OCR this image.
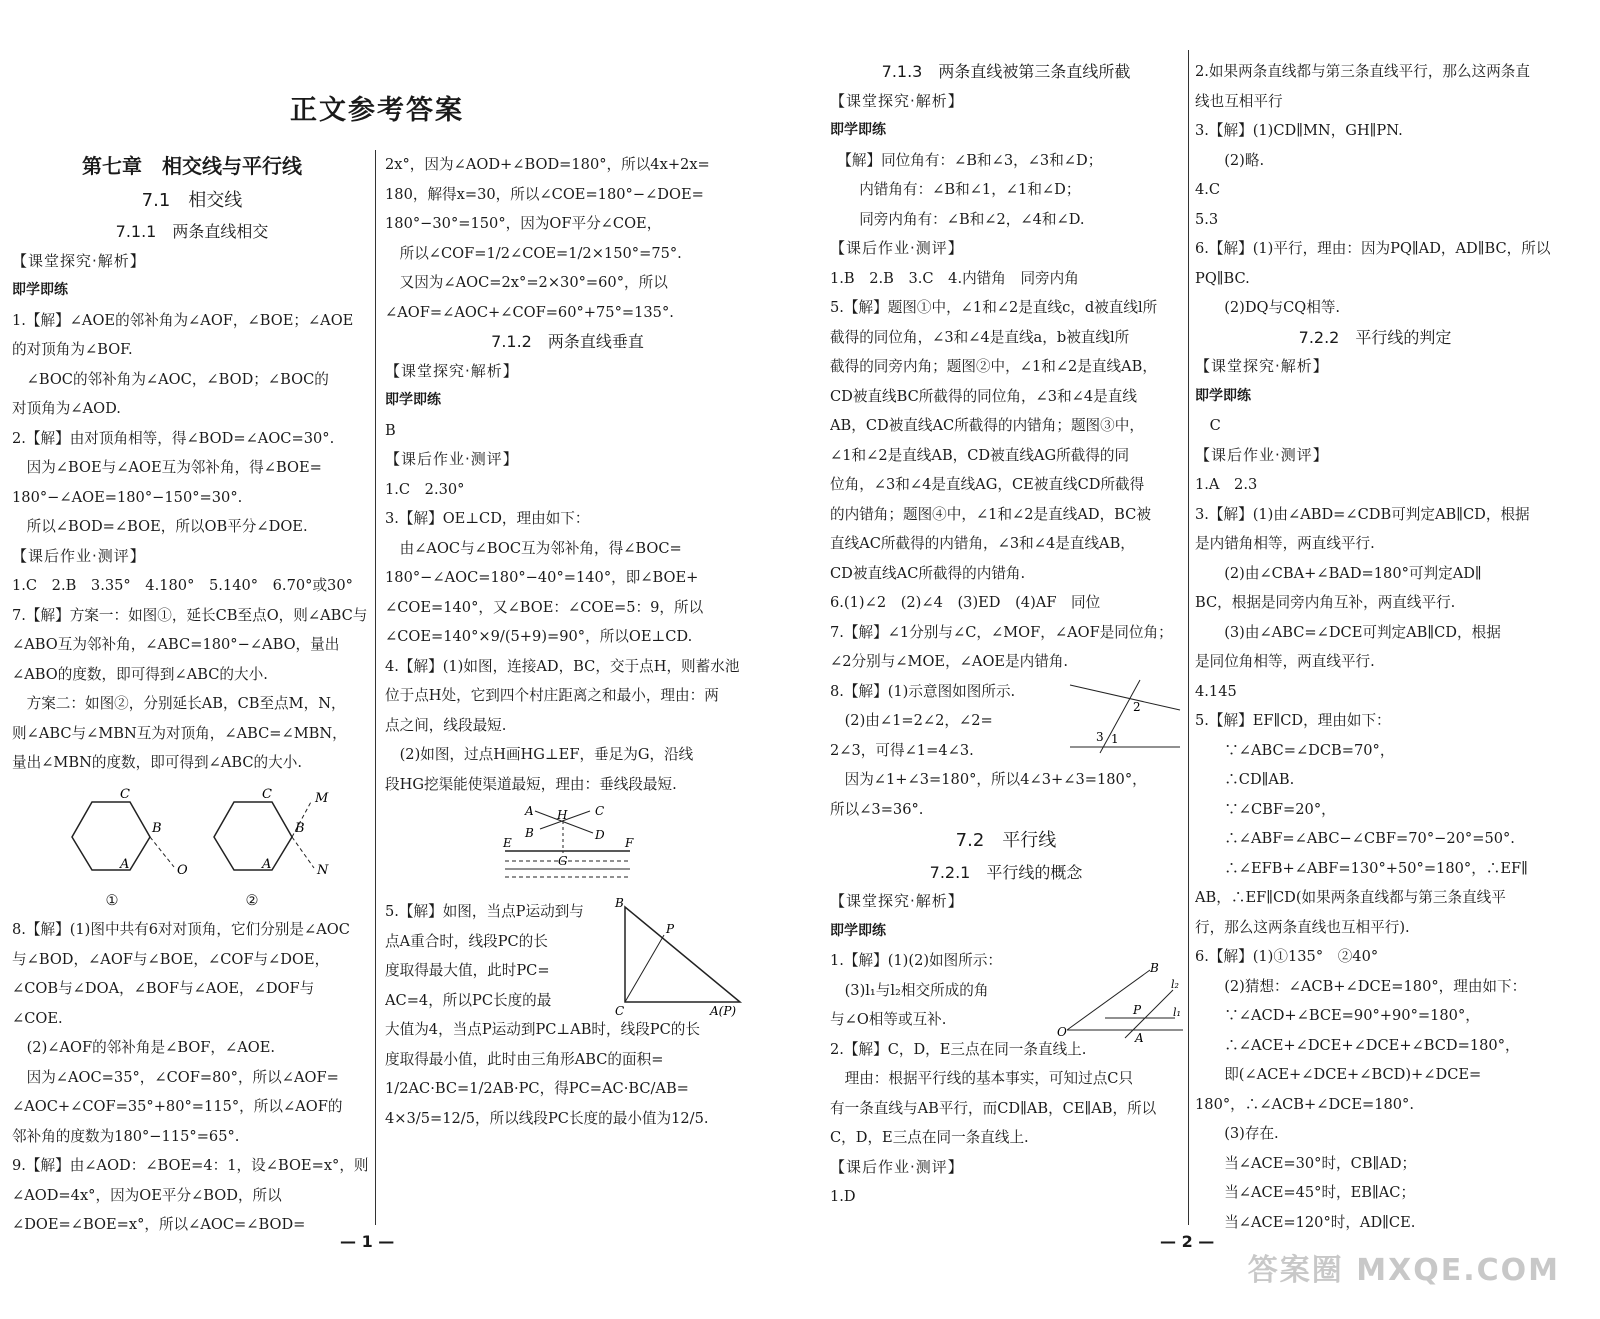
正文参考答案
第七章　相交线与平行线
7.1　相交线
7.1.1　两条直线相交
【课堂探究·解析】
即学即练
1.【解】∠AOE的邻补角为∠AOF，∠BOE；∠AOE
的对顶角为∠BOF.
　∠BOC的邻补角为∠AOC，∠BOD；∠BOC的
对顶角为∠AOD.
2.【解】由对顶角相等，得∠BOD=∠AOC=30°.
　因为∠BOE与∠AOE互为邻补角，得∠BOE=
180°−∠AOE=180°−150°=30°.
　所以∠BOD=∠BOE，所以OB平分∠DOE.
【课后作业·测评】
1.C　2.B　3.35°　4.180°　5.140°　6.70°或30°
7.【解】方案一：如图①，延长CB至点O，则∠ABC与
∠ABO互为邻补角，∠ABC=180°−∠ABO，量出
∠ABO的度数，即可得到∠ABC的大小.
　方案二：如图②，分别延长AB，CB至点M，N，
则∠ABC与∠MBN互为对顶角，∠ABC=∠MBN，
量出∠MBN的度数，即可得到∠ABC的大小.
C
B
A	O
C
B
A
M
N
①	②
8.【解】(1)图中共有6对对顶角，它们分别是∠AOC
与∠BOD，∠AOF与∠BOE，∠COF与∠DOE，
∠COB与∠DOA，∠BOF与∠AOE，∠DOF与
∠COE.
　(2)∠AOF的邻补角是∠BOF，∠AOE.
　因为∠AOC=35°，∠COF=80°，所以∠AOF=
∠AOC+∠COF=35°+80°=115°，所以∠AOF的
邻补角的度数为180°−115°=65°.
9.【解】由∠AOD：∠BOE=4：1，设∠BOE=x°，则
∠AOD=4x°，因为OE平分∠BOD，所以
∠DOE=∠BOE=x°，所以∠AOC=∠BOD=
2x°，因为∠AOD+∠BOD=180°，所以4x+2x=
180，解得x=30，所以∠COE=180°−∠DOE=
180°−30°=150°，因为OF平分∠COE，
　所以∠COF=1/2∠COE=1/2×150°=75°.
　又因为∠AOC=2x°=2×30°=60°，所以
∠AOF=∠AOC+∠COF=60°+75°=135°.
7.1.2　两条直线垂直
【课堂探究·解析】
即学即练
B
【课后作业·测评】
1.C　2.30°
3.【解】OE⊥CD，理由如下：
　由∠AOC与∠BOC互为邻补角，得∠BOC=
180°−∠AOC=180°−40°=140°，即∠BOE+
∠COE=140°，又∠BOE：∠COE=5：9，所以
∠COE=140°×9/(5+9)=90°，所以OE⊥CD.
4.【解】(1)如图，连接AD，BC，交于点H，则蓄水池
位于点H处，它到四个村庄距离之和最小，理由：两
点之间，线段最短.
　(2)如图，过点H画HG⊥EF，垂足为G，沿线
段HG挖渠能使渠道最短，理由：垂线段最短.
A	C
H
B	D
E	F
G
B
C
P
A(P)
5.【解】如图，当点P运动到与
点A重合时，线段PC的长
度取得最大值，此时PC=
AC=4，所以PC长度的最
大值为4，当点P运动到PC⊥AB时，线段PC的长
度取得最小值，此时由三角形ABC的面积=
1/2AC·BC=1/2AB·PC，得PC=AC·BC/AB=
4×3/5=12/5，所以线段PC长度的最小值为12/5.
— 1 —
7.1.3　两条直线被第三条直线所截
【课堂探究·解析】
即学即练
　【解】同位角有：∠B和∠3，∠3和∠D；
　　内错角有：∠B和∠1，∠1和∠D；
　　同旁内角有：∠B和∠2，∠4和∠D.
【课后作业·测评】
1.B　2.B　3.C　4.内错角　同旁内角
5.【解】题图①中，∠1和∠2是直线c，d被直线l所
截得的同位角，∠3和∠4是直线a，b被直线l所
截得的同旁内角；题图②中，∠1和∠2是直线AB，
CD被直线BC所截得的同位角，∠3和∠4是直线
AB，CD被直线AC所截得的内错角；题图③中，
∠1和∠2是直线AB，CD被直线AG所截得的同
位角，∠3和∠4是直线AG，CE被直线CD所截得
的内错角；题图④中，∠1和∠2是直线AD，BC被
直线AC所截得的内错角，∠3和∠4是直线AB，
CD被直线AC所截得的内错角.
6.(1)∠2　(2)∠4　(3)ED　(4)AF　同位
7.【解】∠1分别与∠C，∠MOF，∠AOF是同位角；
∠2分别与∠MOE，∠AOE是内错角.
8.【解】(1)示意图如图所示.
　(2)由∠1=2∠2，∠2=
2∠3，可得∠1=4∠3.
　因为∠1+∠3=180°，所以4∠3+∠3=180°，
所以∠3=36°.
7.2　平行线
7.2.1　平行线的概念
【课堂探究·解析】
即学即练
1.【解】(1)(2)如图所示：
　(3)l₁与l₂相交所成的角
与∠O相等或互补.
2.【解】C，D，E三点在同一条直线上.
　理由：根据平行线的基本事实，可知过点C只
有一条直线与AB平行，而CD∥AB，CE∥AB，所以
C，D，E三点在同一条直线上.
【课后作业·测评】
1.D
2
3 1
B
O	A
P
l₂
l₁
2.如果两条直线都与第三条直线平行，那么这两条直
线也互相平行
3.【解】(1)CD∥MN，GH∥PN.
　　(2)略.
4.C
5.3
6.【解】(1)平行，理由：因为PQ∥AD，AD∥BC，所以
PQ∥BC.
　　(2)DQ与CQ相等.
7.2.2　平行线的判定
【课堂探究·解析】
即学即练
　C
【课后作业·测评】
1.A　2.3
3.【解】(1)由∠ABD=∠CDB可判定AB∥CD，根据
是内错角相等，两直线平行.
　　(2)由∠CBA+∠BAD=180°可判定AD∥
BC，根据是同旁内角互补，两直线平行.
　　(3)由∠ABC=∠DCE可判定AB∥CD，根据
是同位角相等，两直线平行.
4.145
5.【解】EF∥CD，理由如下：
　　∵∠ABC=∠DCB=70°，
　　∴CD∥AB.
　　∵∠CBF=20°，
　　∴∠ABF=∠ABC−∠CBF=70°−20°=50°.
　　∴∠EFB+∠ABF=130°+50°=180°，∴EF∥
AB，∴EF∥CD(如果两条直线都与第三条直线平
行，那么这两条直线也互相平行).
6.【解】(1)①135°　②40°
　　(2)猜想：∠ACB+∠DCE=180°，理由如下：
　　∵∠ACD+∠BCE=90°+90°=180°，
　　∴∠ACE+∠DCE+∠DCE+∠BCD=180°，
　　即(∠ACE+∠DCE+∠BCD)+∠DCE=
180°，∴∠ACB+∠DCE=180°.
　　(3)存在.
　　当∠ACE=30°时，CB∥AD；
　　当∠ACE=45°时，EB∥AC；
　　当∠ACE=120°时，AD∥CE.
— 2 —
答案圈 MXQE.COM
